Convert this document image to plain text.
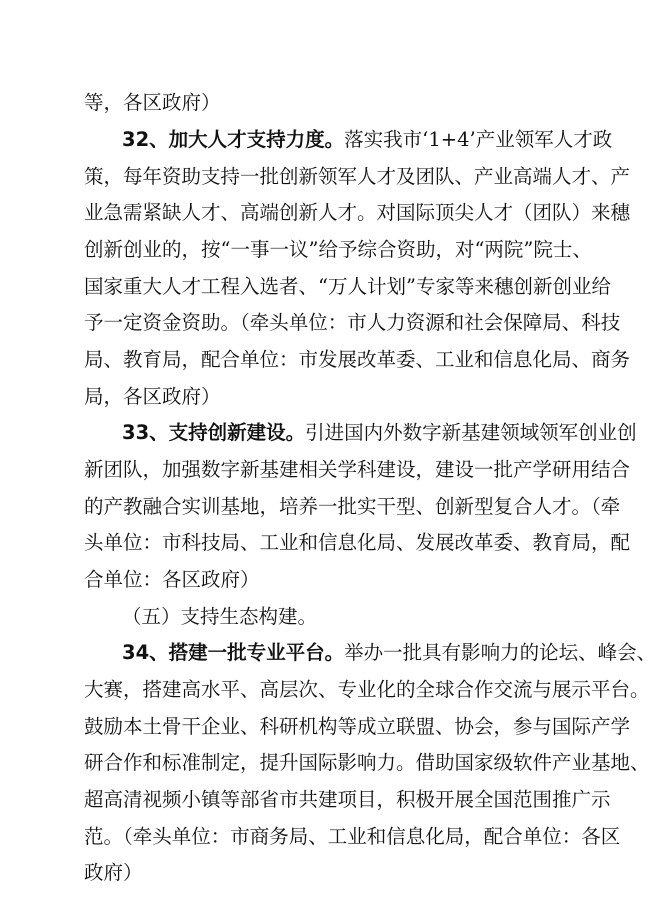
等，各区政府）
32、加大人才支持力度。落实我市‘1+4’产业领军人才政
策，每年资助支持一批创新领军人才及团队、产业高端人才、产
业急需紧缺人才、高端创新人才。对国际顶尖人才（团队）来穗
创新创业的，按“一事一议”给予综合资助，对“两院”院士、
国家重大人才工程入选者、“万人计划”专家等来穗创新创业给
予一定资金资助。（牵头单位：市人力资源和社会保障局、科技
局、教育局，配合单位：市发展改革委、工业和信息化局、商务
局，各区政府）
33、支持创新建设。引进国内外数字新基建领域领军创业创
新团队，加强数字新基建相关学科建设，建设一批产学研用结合
的产教融合实训基地，培养一批实干型、创新型复合人才。（牵
头单位：市科技局、工业和信息化局、发展改革委、教育局，配
合单位：各区政府）
（五）支持生态构建。
34、搭建一批专业平台。举办一批具有影响力的论坛、峰会、
大赛，搭建高水平、高层次、专业化的全球合作交流与展示平台。
鼓励本土骨干企业、科研机构等成立联盟、协会，参与国际产学
研合作和标准制定，提升国际影响力。借助国家级软件产业基地、
超高清视频小镇等部省市共建项目，积极开展全国范围推广示
范。（牵头单位：市商务局、工业和信息化局，配合单位：各区
政府）
